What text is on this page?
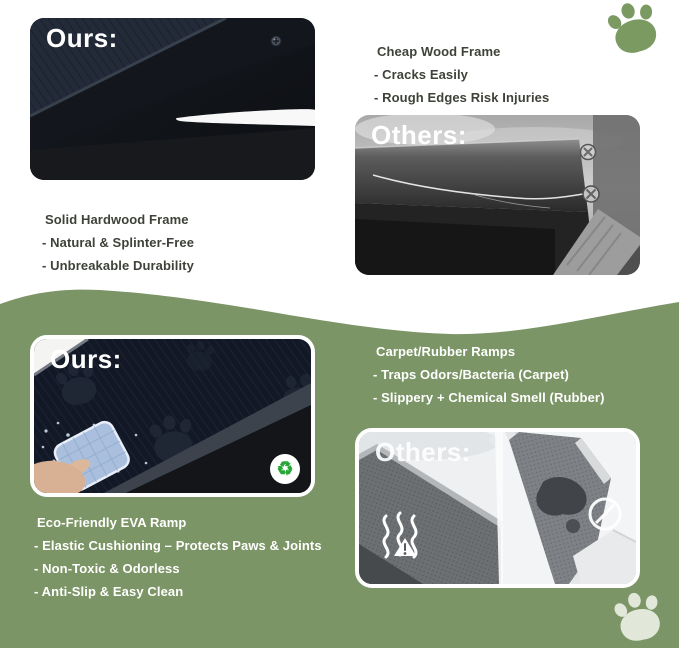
Ours:	Cheap Wood Frame
- Cracks Easily
- Rough Edges Risk Injuries
Others:
Solid Hardwood Frame
- Natural & Splinter-Free
- Unbreakable Durability
Ours:
♻
Carpet/Rubber Ramps
- Traps Odors/Bacteria (Carpet)
- Slippery + Chemical Smell (Rubber)
Others:
Eco-Friendly EVA Ramp
- Elastic Cushioning – Protects Paws & Joints
- Non-Toxic & Odorless
- Anti-Slip & Easy Clean
